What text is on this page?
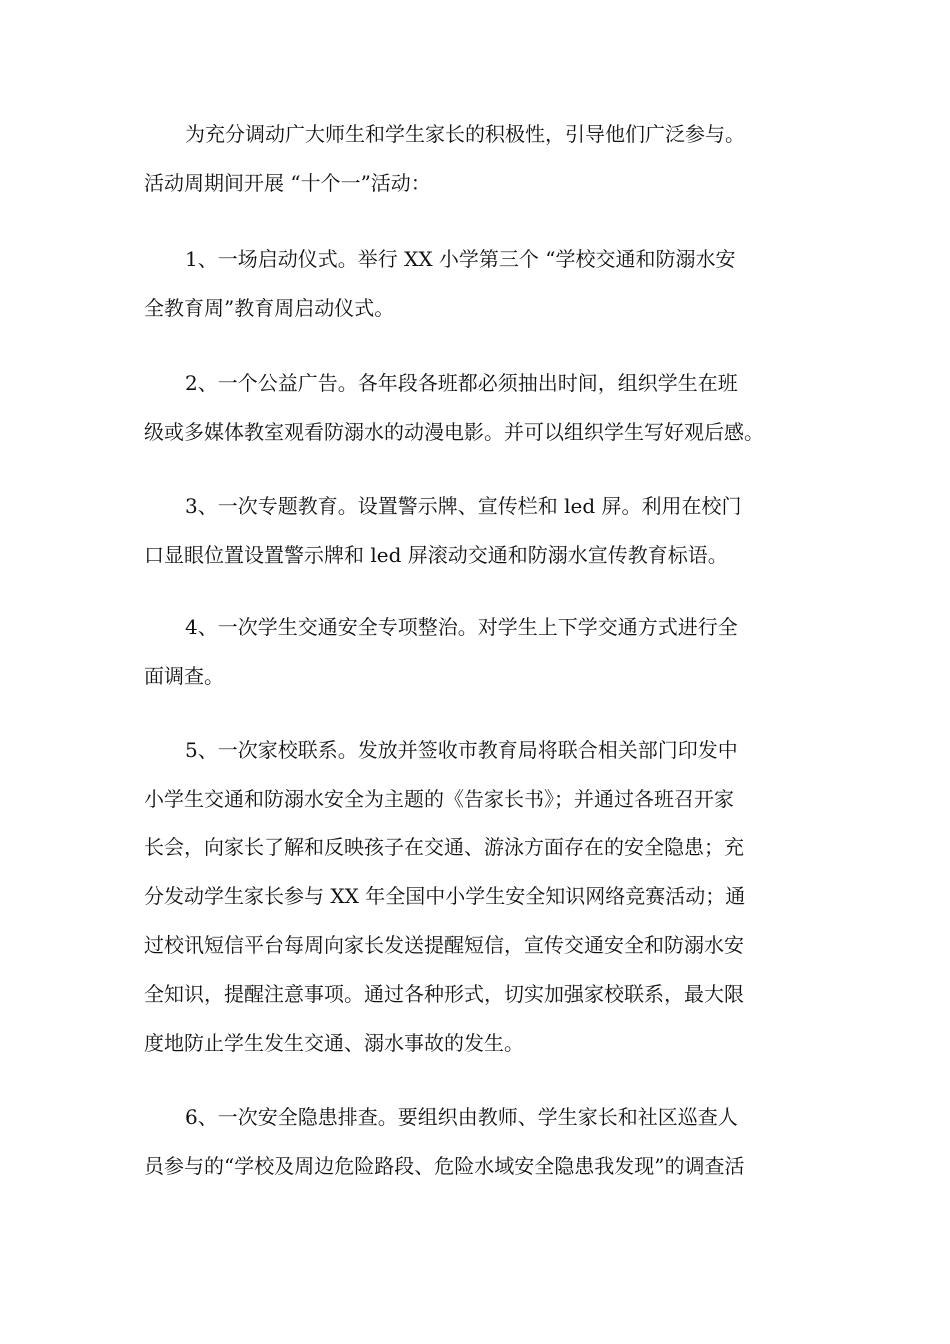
为充分调动广大师生和学生家长的积极性，引导他们广泛参与。
活动周期间开展 “十个一”活动：
1、一场启动仪式。举行 XX 小学第三个 “学校交通和防溺水安
全教育周”教育周启动仪式。
2、一个公益广告。各年段各班都必须抽出时间，组织学生在班
级或多媒体教室观看防溺水的动漫电影。并可以组织学生写好观后感。
3、一次专题教育。设置警示牌、宣传栏和 led 屏。利用在校门
口显眼位置设置警示牌和 led 屏滚动交通和防溺水宣传教育标语。
4、一次学生交通安全专项整治。对学生上下学交通方式进行全
面调查。
5、一次家校联系。发放并签收市教育局将联合相关部门印发中
小学生交通和防溺水安全为主题的《告家长书》；并通过各班召开家
长会，向家长了解和反映孩子在交通、游泳方面存在的安全隐患；充
分发动学生家长参与 XX 年全国中小学生安全知识网络竞赛活动；通
过校讯短信平台每周向家长发送提醒短信，宣传交通安全和防溺水安
全知识，提醒注意事项。通过各种形式，切实加强家校联系，最大限
度地防止学生发生交通、溺水事故的发生。
6、一次安全隐患排查。要组织由教师、学生家长和社区巡查人
员参与的“学校及周边危险路段、危险水域安全隐患我发现”的调查活
